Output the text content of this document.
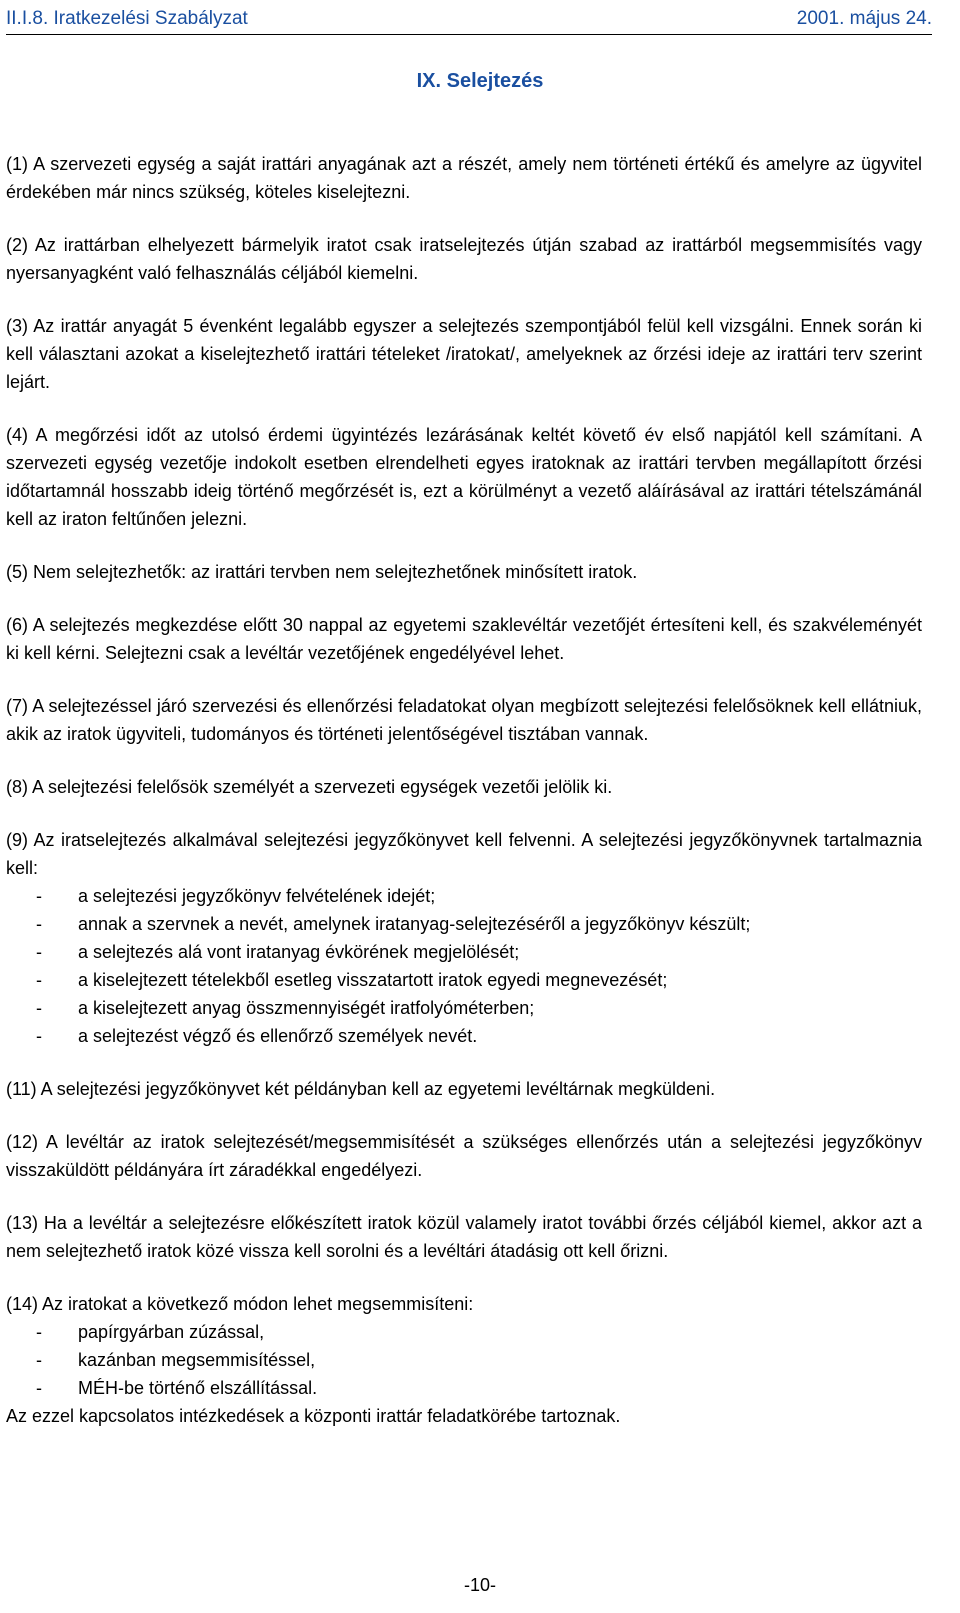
II.I.8. Iratkezelési Szabályzat	2001. május 24.
IX. Selejtezés

(1) A szervezeti egység a saját irattári anyagának azt a részét, amely nem történeti értékű és amelyre az ügyvitel érdekében már nincs szükség, köteles kiselejtezni.

(2) Az irattárban elhelyezett bármelyik iratot csak iratselejtezés útján szabad az irattárból megsemmisítés vagy nyersanyagként való felhasználás céljából kiemelni.

(3) Az irattár anyagát 5 évenként legalább egyszer a selejtezés szempontjából felül kell vizsgálni. Ennek során ki kell választani azokat a kiselejtezhető irattári tételeket /iratokat/, amelyeknek az őrzési ideje az irattári terv szerint lejárt.

(4) A megőrzési időt az utolsó érdemi ügyintézés lezárásának keltét követő év első napjától kell számítani. A szervezeti egység vezetője indokolt esetben elrendelheti egyes iratoknak az irattári tervben megállapított őrzési időtartamnál hosszabb ideig történő megőrzését is, ezt a körülményt a vezető aláírásával az irattári tételszámánál kell az iraton feltűnően jelezni.

(5) Nem selejtezhetők: az irattári tervben nem selejtezhetőnek minősített iratok.

(6) A selejtezés megkezdése előtt 30 nappal az egyetemi szaklevéltár vezetőjét értesíteni kell, és szakvéleményét ki kell kérni. Selejtezni csak a levéltár vezetőjének engedélyével lehet.

(7) A selejtezéssel járó szervezési és ellenőrzési feladatokat olyan megbízott selejtezési felelősöknek kell ellátniuk, akik az iratok ügyviteli, tudományos és történeti jelentőségével tisztában vannak.

(8) A selejtezési felelősök személyét a szervezeti egységek vezetői jelölik ki.

(9) Az iratselejtezés alkalmával selejtezési jegyzőkönyvet kell felvenni. A selejtezési jegyzőkönyvnek tartalmaznia kell:

- a selejtezési jegyzőkönyv felvételének idejét;
- annak a szervnek a nevét, amelynek iratanyag-selejtezéséről a jegyzőkönyv készült;
- a selejtezés alá vont iratanyag évkörének megjelölését;
- a kiselejtezett tételekből esetleg visszatartott iratok egyedi megnevezését;
- a kiselejtezett anyag összmennyiségét iratfolyóméterben;
- a selejtezést végző és ellenőrző személyek nevét.

(11) A selejtezési jegyzőkönyvet két példányban kell az egyetemi levéltárnak megküldeni.

(12) A levéltár az iratok selejtezését/megsemmisítését a szükséges ellenőrzés után a selejtezési jegyzőkönyv visszaküldött példányára írt záradékkal engedélyezi.

(13) Ha a levéltár a selejtezésre előkészített iratok közül valamely iratot további őrzés céljából kiemel, akkor azt a nem selejtezhető iratok közé vissza kell sorolni és a levéltári átadásig ott kell őrizni.

(14) Az iratokat a következő módon lehet megsemmisíteni:

- papírgyárban zúzással,
- kazánban megsemmisítéssel,
- MÉH-be történő elszállítással.

Az ezzel kapcsolatos intézkedések a központi irattár feladatkörébe tartoznak.

-10-
